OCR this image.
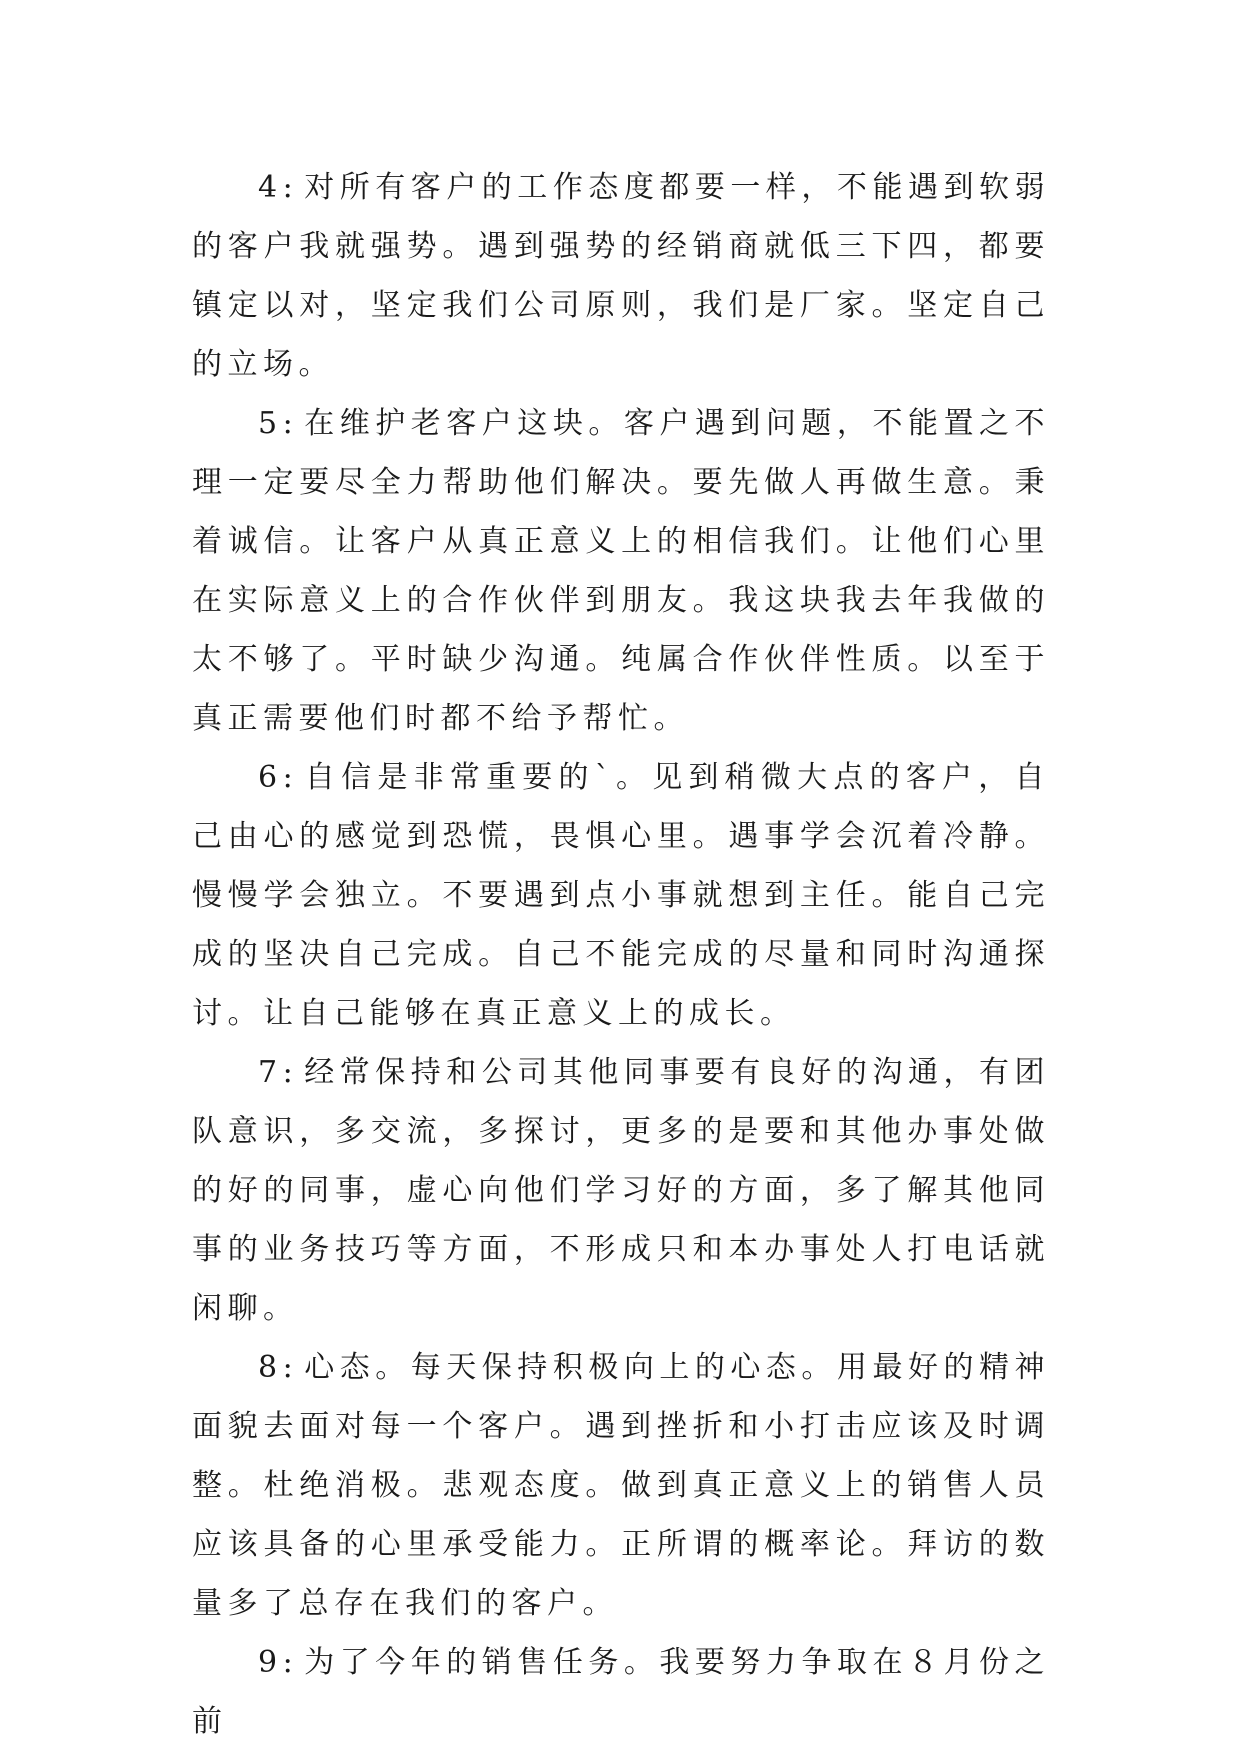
4: 对所有客户的工作态度都要一样，不能遇到软弱的客户我就强势。遇到强势的经销商就低三下四，都要镇定以对，坚定我们公司原则，我们是厂家。坚定自己的立场。

5: 在维护老客户这块。客户遇到问题，不能置之不理一定要尽全力帮助他们解决。要先做人再做生意。秉着诚信。让客户从真正意义上的相信我们。让他们心里在实际意义上的合作伙伴到朋友。我这块我去年我做的太不够了。平时缺少沟通。纯属合作伙伴性质。以至于真正需要他们时都不给予帮忙。

6: 自信是非常重要的`。见到稍微大点的客户，自己由心的感觉到恐慌，畏惧心里。遇事学会沉着冷静。慢慢学会独立。不要遇到点小事就想到主任。能自己完成的坚决自己完成。自己不能完成的尽量和同时沟通探讨。让自己能够在真正意义上的成长。

7: 经常保持和公司其他同事要有良好的沟通，有团队意识，多交流，多探讨，更多的是要和其他办事处做的好的同事，虚心向他们学习好的方面，多了解其他同事的业务技巧等方面，不形成只和本办事处人打电话就闲聊。

8: 心态。每天保持积极向上的心态。用最好的精神面貌去面对每一个客户。遇到挫折和小打击应该及时调整。杜绝消极。悲观态度。做到真正意义上的销售人员应该具备的心里承受能力。正所谓的概率论。拜访的数量多了总存在我们的客户。

9: 为了今年的销售任务。我要努力争取在８月份之前
